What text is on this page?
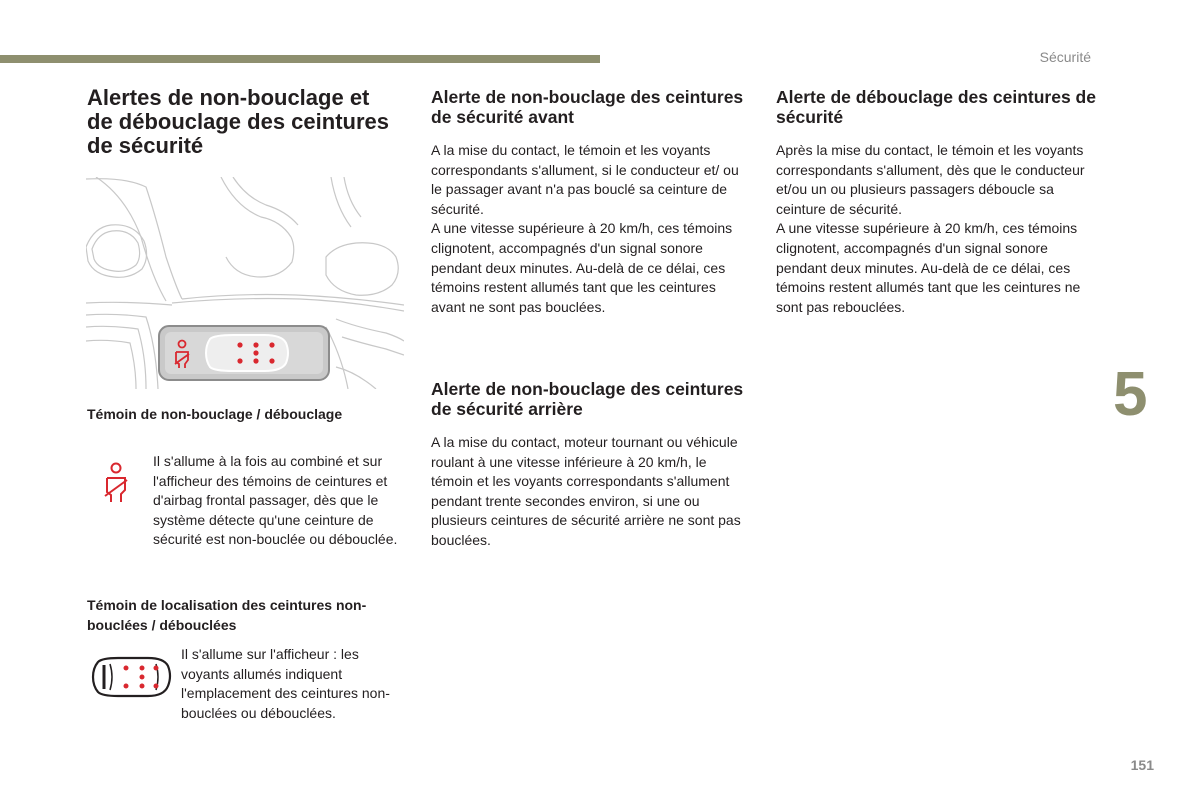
Sécurité
Alertes de non-bouclage et de débouclage des ceintures de sécurité
Témoin de non-bouclage / débouclage

Il s'allume à la fois au combiné et sur l'afficheur des témoins de ceintures et d'airbag frontal passager, dès que le système détecte qu'une ceinture de sécurité est non-bouclée ou débouclée.

Témoin de localisation des ceintures non-bouclées / débouclées

Il s'allume sur l'afficheur : les voyants allumés indiquent l'emplacement des ceintures non-bouclées ou débouclées.

Alerte de non-bouclage des ceintures de sécurité avant

A la mise du contact, le témoin et les voyants correspondants s'allument, si le conducteur et/ ou le passager avant n'a pas bouclé sa ceinture de sécurité.

A une vitesse supérieure à 20 km/h, ces témoins clignotent, accompagnés d'un signal sonore pendant deux minutes. Au-delà de ce délai, ces témoins restent allumés tant que les ceintures avant ne sont pas bouclées.

Alerte de non-bouclage des ceintures de sécurité arrière

A la mise du contact, moteur tournant ou véhicule roulant à une vitesse inférieure à 20 km/h, le témoin et les voyants correspondants s'allument pendant trente secondes environ, si une ou plusieurs ceintures de sécurité arrière ne sont pas bouclées.

Alerte de débouclage des ceintures de sécurité

Après la mise du contact, le témoin et les voyants correspondants s'allument, dès que le conducteur et/ou un ou plusieurs passagers déboucle sa ceinture de sécurité.

A une vitesse supérieure à 20 km/h, ces témoins clignotent, accompagnés d'un signal sonore pendant deux minutes. Au-delà de ce délai, ces témoins restent allumés tant que les ceintures ne sont pas rebouclées.

5
151
